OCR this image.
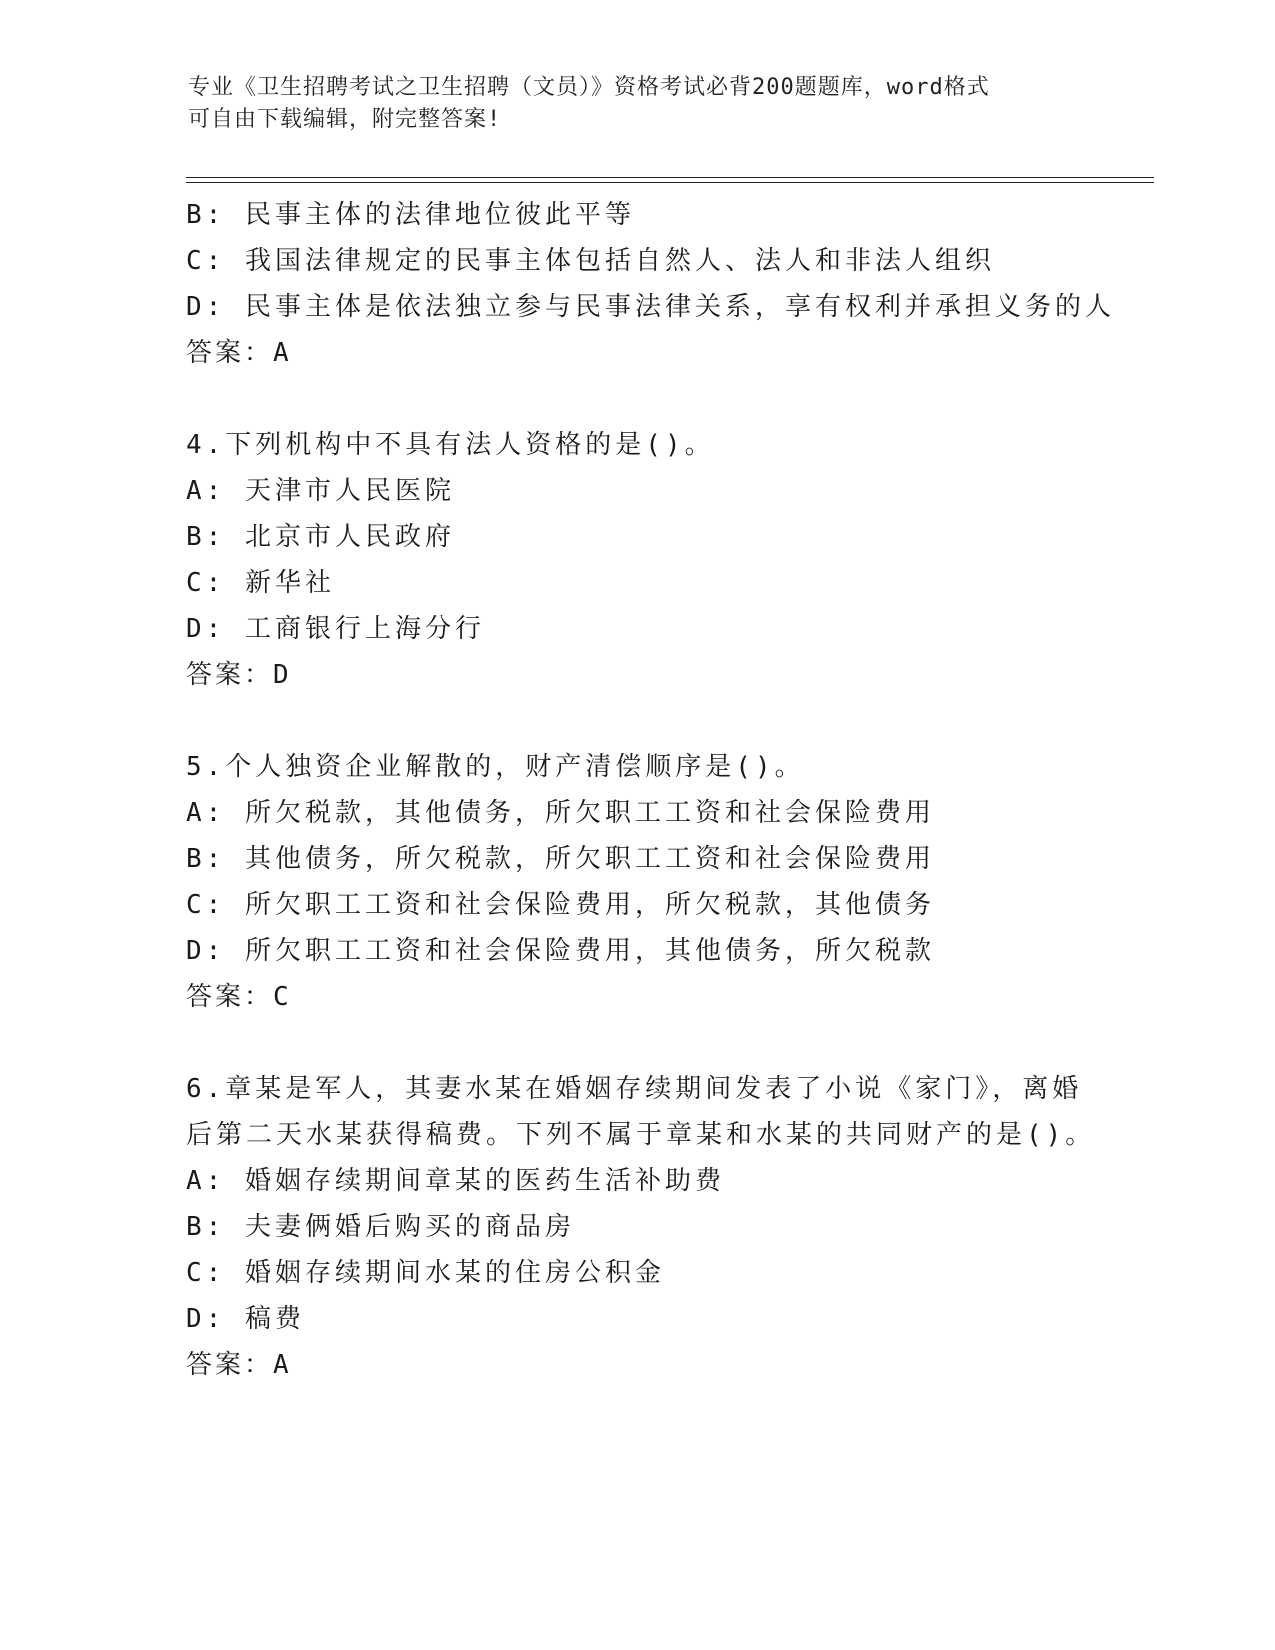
专业《卫生招聘考试之卫生招聘（文员）》资格考试必背200题题库，word格式
可自由下载编辑，附完整答案!
B: 民事主体的法律地位彼此平等
C: 我国法律规定的民事主体包括自然人、法人和非法人组织
D: 民事主体是依法独立参与民事法律关系，享有权利并承担义务的人
答案：A
4.下列机构中不具有法人资格的是()。
A: 天津市人民医院
B: 北京市人民政府
C: 新华社
D: 工商银行上海分行
答案：D
5.个人独资企业解散的，财产清偿顺序是()。
A: 所欠税款，其他债务，所欠职工工资和社会保险费用
B: 其他债务，所欠税款，所欠职工工资和社会保险费用
C: 所欠职工工资和社会保险费用，所欠税款，其他债务
D: 所欠职工工资和社会保险费用，其他债务，所欠税款
答案：C
6.章某是军人，其妻水某在婚姻存续期间发表了小说《家门》，离婚
后第二天水某获得稿费。下列不属于章某和水某的共同财产的是()。
A: 婚姻存续期间章某的医药生活补助费
B: 夫妻俩婚后购买的商品房
C: 婚姻存续期间水某的住房公积金
D: 稿费
答案：A
